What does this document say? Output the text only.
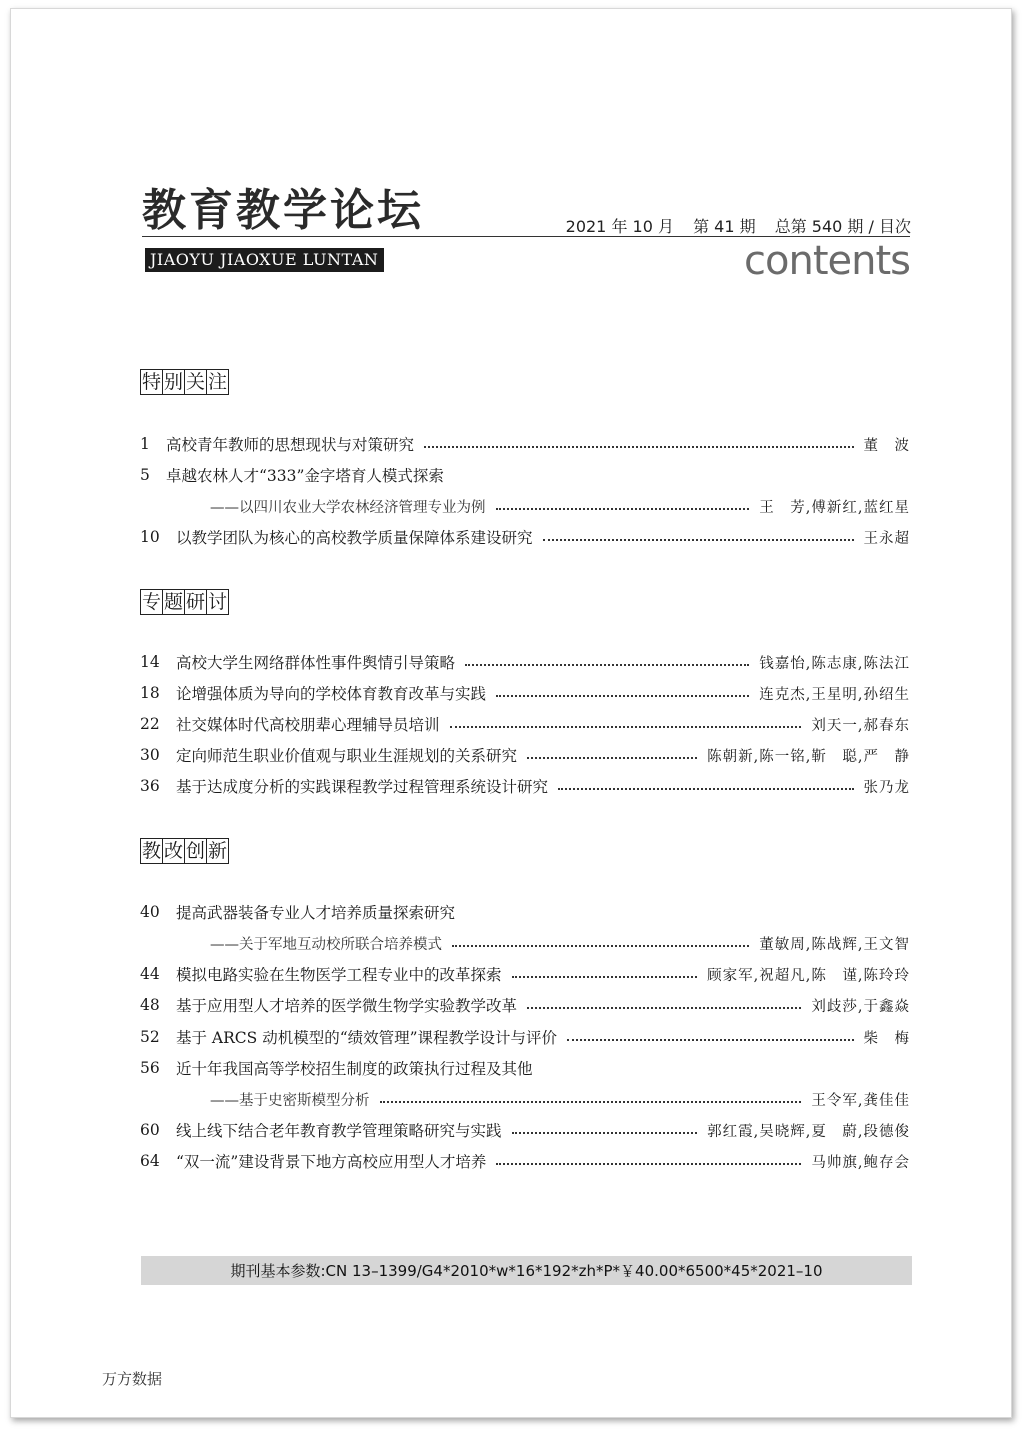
教育教学论坛	2021 年 10 月 第 41 期 总第 540 期 / 目次
JIAOYU JIAOXUE LUNTAN	contents
特 别 关 注
1	高校青年教师的思想现状与对策研究	董　波
5	卓越农林人才“333”金字塔育人模式探索
——以四川农业大学农林经济管理专业为例	王　芳,傅新红,蓝红星
10	以教学团队为核心的高校教学质量保障体系建设研究	王永超
专 题 研 讨
14	高校大学生网络群体性事件舆情引导策略	钱嘉怡,陈志康,陈法江
18	论增强体质为导向的学校体育教育改革与实践	连克杰,王星明,孙绍生
22	社交媒体时代高校朋辈心理辅导员培训	刘天一,郝春东
30	定向师范生职业价值观与职业生涯规划的关系研究	陈朝新,陈一铭,靳　聪,严　静
36	基于达成度分析的实践课程教学过程管理系统设计研究	张乃龙
教 改 创 新
40	提高武器装备专业人才培养质量探索研究
——关于军地互动校所联合培养模式	董敏周,陈战辉,王文智
44	模拟电路实验在生物医学工程专业中的改革探索	顾家军,祝超凡,陈　谨,陈玲玲
48	基于应用型人才培养的医学微生物学实验教学改革	刘歧莎,于鑫焱
52	基于 ARCS 动机模型的“绩效管理”课程教学设计与评价	柴　梅
56	近十年我国高等学校招生制度的政策执行过程及其他
——基于史密斯模型分析	王令军,龚佳佳
60	线上线下结合老年教育教学管理策略研究与实践	郭红霞,吴晓辉,夏　蔚,段德俊
64	“双一流”建设背景下地方高校应用型人才培养	马帅旗,鲍存会
期刊基本参数:CN 13–1399/G4*2010*w*16*192*zh*P*￥40.00*6500*45*2021–10
万方数据
